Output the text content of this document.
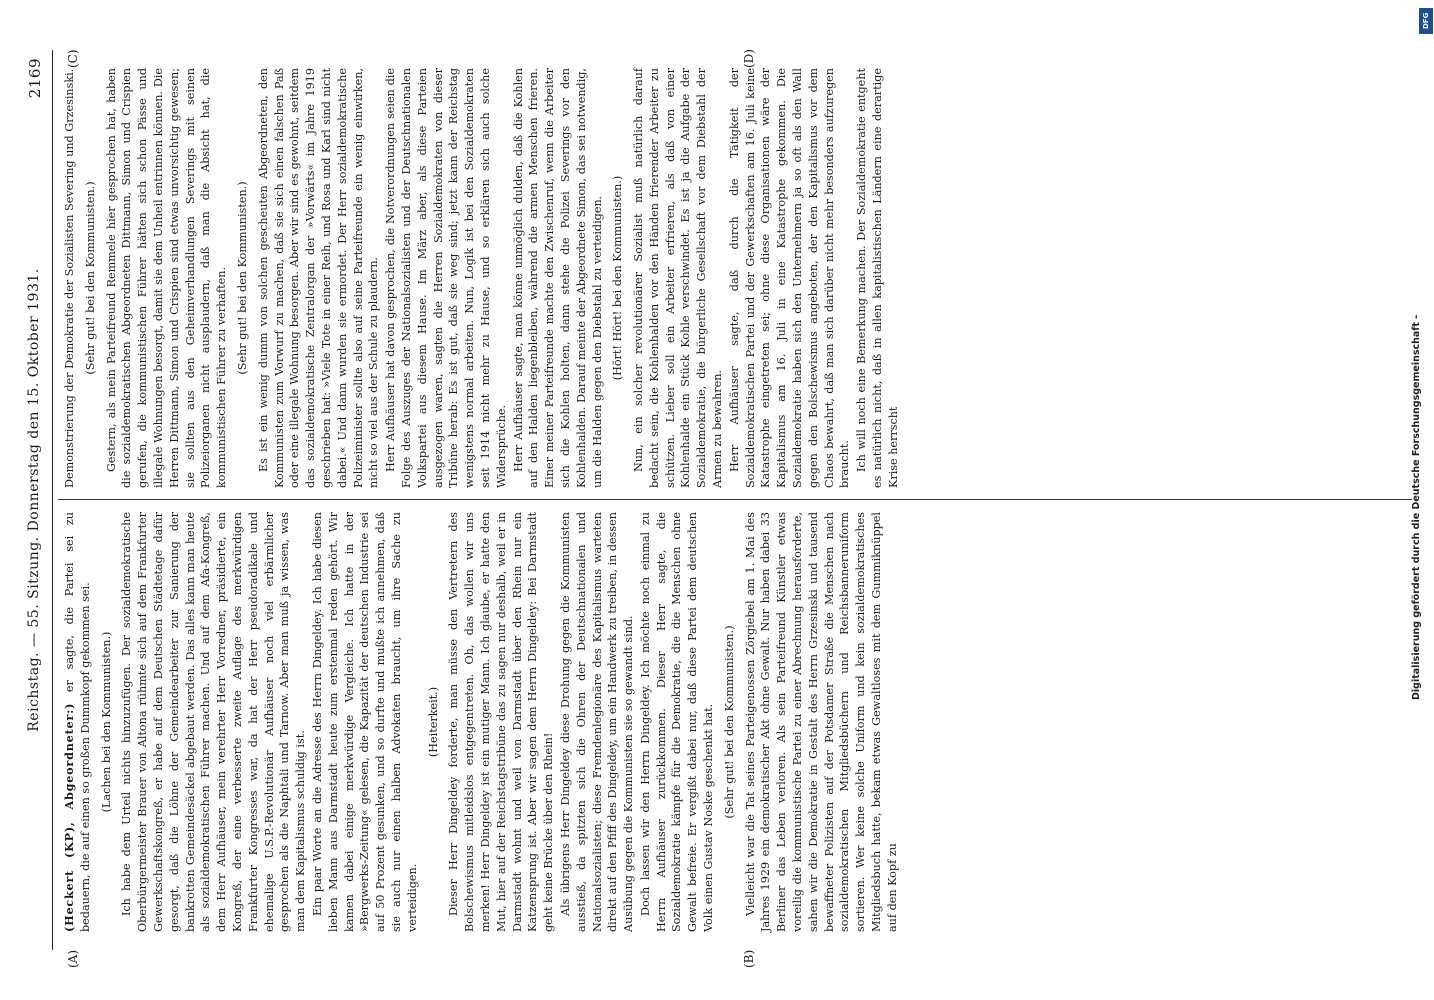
Reichstag. — 55. Sitzung. Donnerstag den 15. Oktober 1931.
2169
(A)	(B)
(C)	(D)

(Heckert (KP), Abgeordneter:) er sagte, die Partei sei zu bedauern, die auf einen so großen Dummkopf gekommen sei. (Lachen bei den Kommunisten.) Ich habe dem Urteil nichts hinzuzufügen. Der sozialdemokratische Oberbürgermeister Brauer von Altona rühmte sich auf dem Frankfurter Gewerkschaftskongreß, er habe auf dem Deutschen Städtetage dafür gesorgt, daß die Löhne der Gemeindearbeiter zur Sanierung der bankrotten Gemeindesäckel abgebaut werden. Das alles kann man heute als sozialdemokratischen Führer machen. Und auf dem Afa-Kongreß, dem Herr Aufhäuser, mein verehrter Herr Vorredner, präsidierte, ein Kongreß, der eine verbesserte zweite Auflage des merkwürdigen Frankfurter Kongresses war, da hat der Herr pseudoradikale und ehemalige U.S.P.-Revolutionär Aufhäuser noch viel erbärmlicher gesprochen als die Naphtali und Tarnow. Aber man muß ja wissen, was man dem Kapitalismus schuldig ist. Ein paar Worte an die Adresse des Herrn Dingeldey. Ich habe diesen lieben Mann aus Darmstadt heute zum erstenmal reden gehört. Wir kamen dabei einige merkwürdige Vergleiche. Ich hatte in der »Bergwerks-Zeitung« gelesen, die Kapazität der deutschen Industrie sei auf 50 Prozent gesunken, und so durfte und mußte ich annehmen, daß sie auch nur einen halben Advokaten braucht, um ihre Sache zu verteidigen.

(Heiterkeit.) Dieser Herr Dingeldey forderte, man müsse den Vertretern des Bolschewismus mitleidslos entgegentreten. Oh, das wollen wir uns merken! Herr Dingeldey ist ein mutiger Mann. Ich glaube, er hatte den Mut, hier auf der Reichstagstribüne das zu sagen nur deshalb, weil er in Darmstadt wohnt und weil von Darmstadt über den Rhein nur ein Katzensprung ist. Aber wir sagen dem Herrn Dingeldey: Bei Darmstadt geht keine Brücke über den Rhein! Als übrigens Herr Dingeldey diese Drohung gegen die Kommunisten ausstieß, da spitzten sich die Ohren der Deutschnationalen und Nationalsozialisten; diese Fremdenlegionäre des Kapitalismus warteten direkt auf den Pfiff des Dingeldey, um ein Handwerk zu treiben, in dessen Ausübung gegen die Kommunisten sie so gewandt sind. Doch lassen wir den Herrn Dingeldey. Ich möchte noch einmal zu Herrn Aufhäuser zurückkommen. Dieser Herr sagte, die Sozialdemokratie kämpfe für die Demokratie, die die Menschen ohne Gewalt befreie. Er vergißt dabei nur, daß diese Partei dem deutschen Volk einen Gustav Noske geschenkt hat. (Sehr gut! bei den Kommunisten.) Vielleicht war die Tat seines Parteigenossen Zörgiebel am 1. Mai des Jahres 1929 ein demokratischer Akt ohne Gewalt. Nur haben dabei 33 Berliner das Leben verloren. Als sein Parteifreund Künstler etwas voreilig die kommunistische Partei zu einer Abrechnung herausforderte, sahen wir die Demokratie in Gestalt des Herrn Grzesinski und tausend bewaffneter Polizisten auf der Potsdamer Straße die Menschen nach sozialdemokratischen Mitgliedsbüchern und Reichsbanneruniform sortieren. Wer keine solche Uniform und kein sozialdemokratisches Mitgliedsbuch hatte, bekam etwas Gewaltloses mit dem Gummiknüppel auf den Kopf zu

Demonstrierung der Demokratie der Sozialisten Severing und Grzesinski. (Sehr gut! bei den Kommunisten.) Gestern, als mein Parteifreund Remmele hier gesprochen hat, haben die sozialdemokratischen Abgeordneten Dittmann, Simon und Crispien gerufen, die kommunistischen Führer hätten sich schon Pässe und illegale Wohnungen besorgt, damit sie dem Unheil entrinnen können. Die Herren Dittmann, Simon und Crispien sind etwas unvorsichtig gewesen; sie sollten aus den Geheimverhandlungen Severings mit seinen Polizeiorganen nicht ausplaudern, daß man die Absicht hat, die kommunistischen Führer zu verhaften. (Sehr gut! bei den Kommunisten.) Es ist ein wenig dumm von solchen gescheuten Abgeordneten, den Kommunisten zum Vorwurf zu machen, daß sie sich einen falschen Paß oder eine illegale Wohnung besorgen. Aber wir sind es gewohnt, seitdem das sozialdemokratische Zentralorgan der »Vorwärts« im Jahre 1919 geschrieben hat: »Viele Tote in einer Reih, und Rosa und Karl sind nicht dabei.« Und dann wurden sie ermordet. Der Herr sozialdemokratische Polizeiminister sollte also auf seine Parteifreunde ein wenig einwirken, nicht so viel aus der Schule zu plaudern. Herr Aufhäuser hat davon gesprochen, die Notverordnungen seien die Folge des Auszuges der Nationalsozialisten und der Deutschnationalen Volkspartei aus diesem Hause. Im März aber, als diese Parteien ausgezogen waren, sagten die Herren Sozialdemokraten von dieser Tribüne herab: Es ist gut, daß sie weg sind; jetzt kann der Reichstag wenigstens normal arbeiten. Nun, Logik ist bei den Sozialdemokraten seit 1914 nicht mehr zu Hause, und so erklären sich auch solche Widersprüche. Herr Aufhäuser sagte, man könne unmöglich dulden, daß die Kohlen auf den Halden liegenbleiben, während die armen Menschen frieren. Einer meiner Parteifreunde machte den Zwischenruf, wenn die Arbeiter sich die Kohlen holten, dann stehe die Polizei Severings vor den Kohlenhalden. Darauf meinte der Abgeordnete Simon, das sei notwendig, um die Halden gegen den Diebstahl zu verteidigen. (Hört! Hört! bei den Kommunisten.) Nun, ein solcher revolutionärer Sozialist muß natürlich darauf bedacht sein, die Kohlenhalden vor den Händen frierender Arbeiter zu schützen. Lieber soll ein Arbeiter erfrieren, als daß von einer Kohlenhalde ein Stück Kohle verschwindet. Es ist ja die Aufgabe der Sozialdemokratie, die bürgerliche Gesellschaft vor dem Diebstahl der Armen zu bewahren. Herr Aufhäuser sagte, daß durch die Tätigkeit der Sozialdemokratischen Partei und der Gewerkschaften am 16. Juli keine Katastrophe eingetreten sei; ohne diese Organisationen wäre der Kapitalismus am 16. Juli in eine Katastrophe gekommen. Die Sozialdemokratie haben sich den Unternehmern ja so oft als den Wall gegen den Bolschewismus angeboten, der den Kapitalismus vor dem Chaos bewahrt, daß man sich darüber nicht mehr besonders aufzuregen braucht. Ich will noch eine Bemerkung machen. Der Sozialdemokratie entgeht es natürlich nicht, daß in allen kapitalistischen Ländern eine derartige Krise herrscht	Digitalisierung gefördert durch die Deutsche Forschungsgemeinschaft -
DFG
